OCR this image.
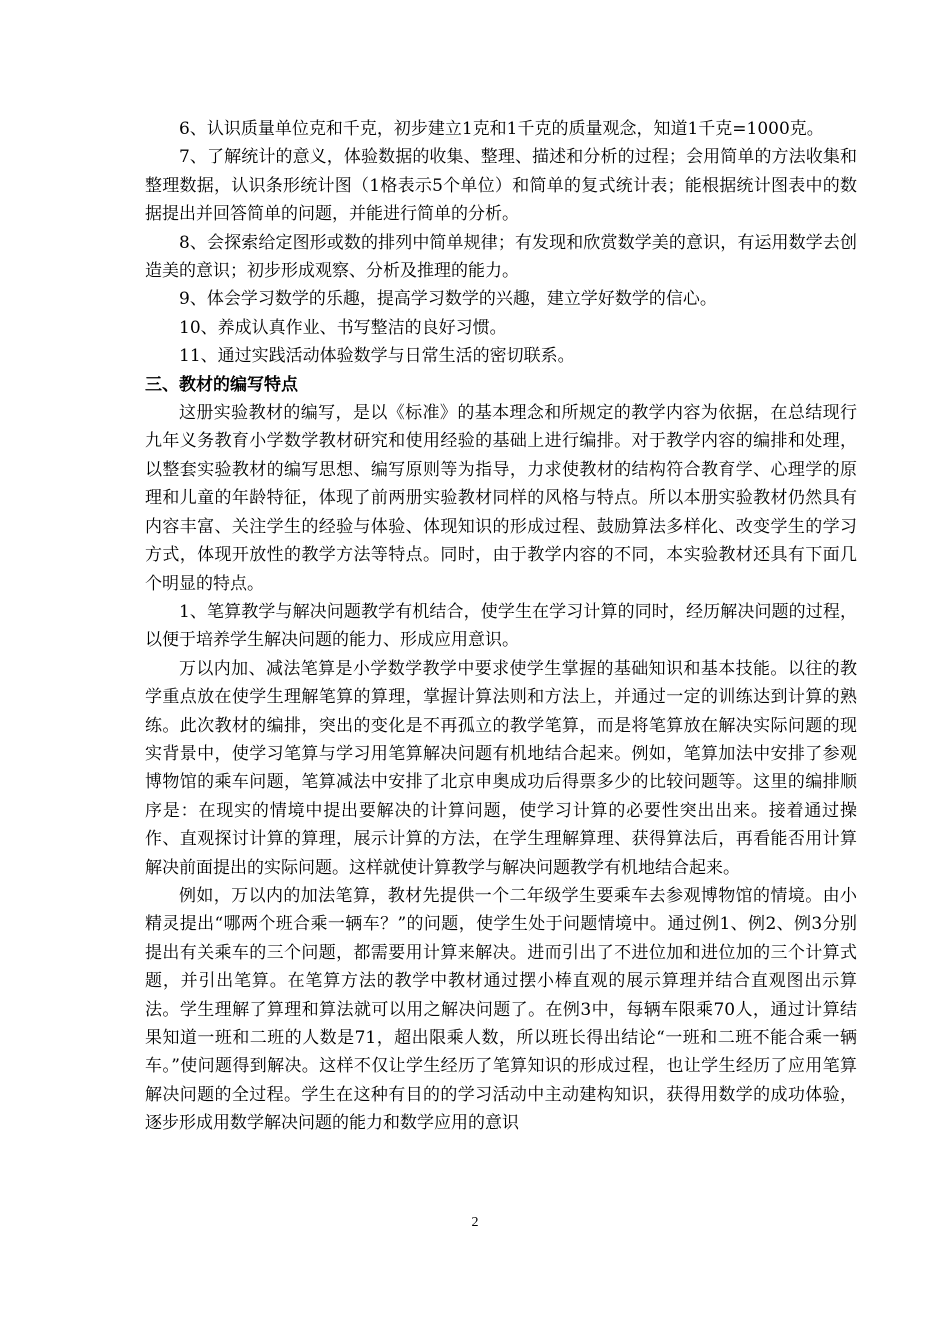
6、认识质量单位克和千克，初步建立1克和1千克的质量观念，知道1千克=1000克。

7、了解统计的意义，体验数据的收集、整理、描述和分析的过程；会用简单的方法收集和整理数据，认识条形统计图（1格表示5个单位）和简单的复式统计表；能根据统计图表中的数据提出并回答简单的问题，并能进行简单的分析。

8、会探索给定图形或数的排列中简单规律；有发现和欣赏数学美的意识，有运用数学去创造美的意识；初步形成观察、分析及推理的能力。

9、体会学习数学的乐趣，提高学习数学的兴趣，建立学好数学的信心。

10、养成认真作业、书写整洁的良好习惯。

11、通过实践活动体验数学与日常生活的密切联系。

三、教材的编写特点

这册实验教材的编写，是以《标准》的基本理念和所规定的教学内容为依据，在总结现行九年义务教育小学数学教材研究和使用经验的基础上进行编排。对于教学内容的编排和处理，以整套实验教材的编写思想、编写原则等为指导，力求使教材的结构符合教育学、心理学的原理和儿童的年龄特征，体现了前两册实验教材同样的风格与特点。所以本册实验教材仍然具有内容丰富、关注学生的经验与体验、体现知识的形成过程、鼓励算法多样化、改变学生的学习方式，体现开放性的教学方法等特点。同时，由于教学内容的不同，本实验教材还具有下面几个明显的特点。

1、笔算教学与解决问题教学有机结合，使学生在学习计算的同时，经历解决问题的过程，以便于培养学生解决问题的能力、形成应用意识。

万以内加、减法笔算是小学数学教学中要求使学生掌握的基础知识和基本技能。以往的教学重点放在使学生理解笔算的算理，掌握计算法则和方法上，并通过一定的训练达到计算的熟练。此次教材的编排，突出的变化是不再孤立的教学笔算，而是将笔算放在解决实际问题的现实背景中，使学习笔算与学习用笔算解决问题有机地结合起来。例如，笔算加法中安排了参观博物馆的乘车问题，笔算减法中安排了北京申奥成功后得票多少的比较问题等。这里的编排顺序是：在现实的情境中提出要解决的计算问题，使学习计算的必要性突出出来。接着通过操作、直观探讨计算的算理，展示计算的方法，在学生理解算理、获得算法后，再看能否用计算解决前面提出的实际问题。这样就使计算教学与解决问题教学有机地结合起来。

例如，万以内的加法笔算，教材先提供一个二年级学生要乘车去参观博物馆的情境。由小精灵提出“哪两个班合乘一辆车？”的问题，使学生处于问题情境中。通过例1、例2、例3分别提出有关乘车的三个问题，都需要用计算来解决。进而引出了不进位加和进位加的三个计算式题，并引出笔算。在笔算方法的教学中教材通过摆小棒直观的展示算理并结合直观图出示算法。学生理解了算理和算法就可以用之解决问题了。在例3中，每辆车限乘70人，通过计算结果知道一班和二班的人数是71，超出限乘人数，所以班长得出结论“一班和二班不能合乘一辆车。”使问题得到解决。这样不仅让学生经历了笔算知识的形成过程，也让学生经历了应用笔算解决问题的全过程。学生在这种有目的的学习活动中主动建构知识，获得用数学的成功体验，逐步形成用数学解决问题的能力和数学应用的意识

2
